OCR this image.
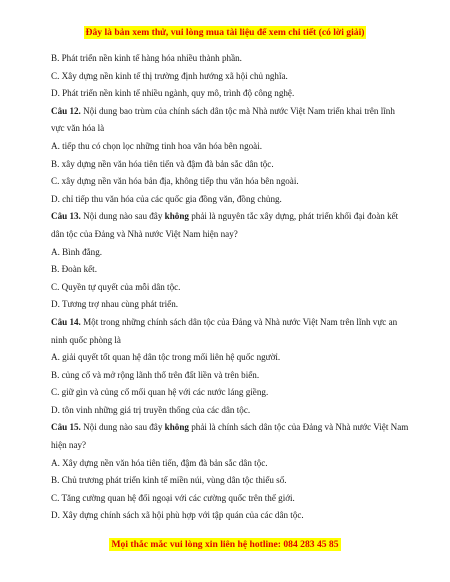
Đây là bản xem thử, vui lòng mua tài liệu để xem chi tiết (có lời giải)
B. Phát triển nền kinh tế hàng hóa nhiều thành phần.
C. Xây dựng nền kinh tế thị trường định hướng xã hội chủ nghĩa.
D. Phát triển nền kinh tế nhiều ngành, quy mô, trình độ công nghệ.
Câu 12. Nội dung bao trùm của chính sách dân tộc mà Nhà nước Việt Nam triển khai trên lĩnh vực văn hóa là
A. tiếp thu có chọn lọc những tinh hoa văn hóa bên ngoài.
B. xây dựng nền văn hóa tiên tiến và đậm đà bản sắc dân tộc.
C. xây dựng nền văn hóa bản địa, không tiếp thu văn hóa bên ngoài.
D. chỉ tiếp thu văn hóa của các quốc gia đồng văn, đồng chủng.
Câu 13. Nội dung nào sau đây không phải là nguyên tắc xây dựng, phát triển khối đại đoàn kết dân tộc của Đảng và Nhà nước Việt Nam hiện nay?
A. Bình đẳng.
B. Đoàn kết.
C. Quyền tự quyết của mỗi dân tộc.
D. Tương trợ nhau cùng phát triển.
Câu 14. Một trong những chính sách dân tộc của Đảng và Nhà nước Việt Nam trên lĩnh vực an ninh quốc phòng là
A. giải quyết tốt quan hệ dân tộc trong mối liên hệ quốc ngườỉ.
B. củng cố và mở rộng lãnh thổ trên đất liền và trên biển.
C. giữ gìn và củng cố mối quan hệ với các nước láng giềng.
D. tôn vinh những giá trị truyền thống của các dân tộc.
Câu 15. Nội dung nào sau đây không phải là chính sách dân tộc của Đảng và Nhà nước Việt Nam hiện nay?
A. Xây dựng nền văn hóa tiên tiến, đậm đà bản sắc dân tộc.
B. Chủ trương phát triển kinh tế miền núi, vùng dân tộc thiểu số.
C. Tăng cường quan hệ đối ngoại với các cường quốc trên thế giới.
D. Xây dựng chính sách xã hội phù hợp với tập quán của các dân tộc.
Mọi thắc mắc vui lòng xin liên hệ hotline: 084 283 45 85
